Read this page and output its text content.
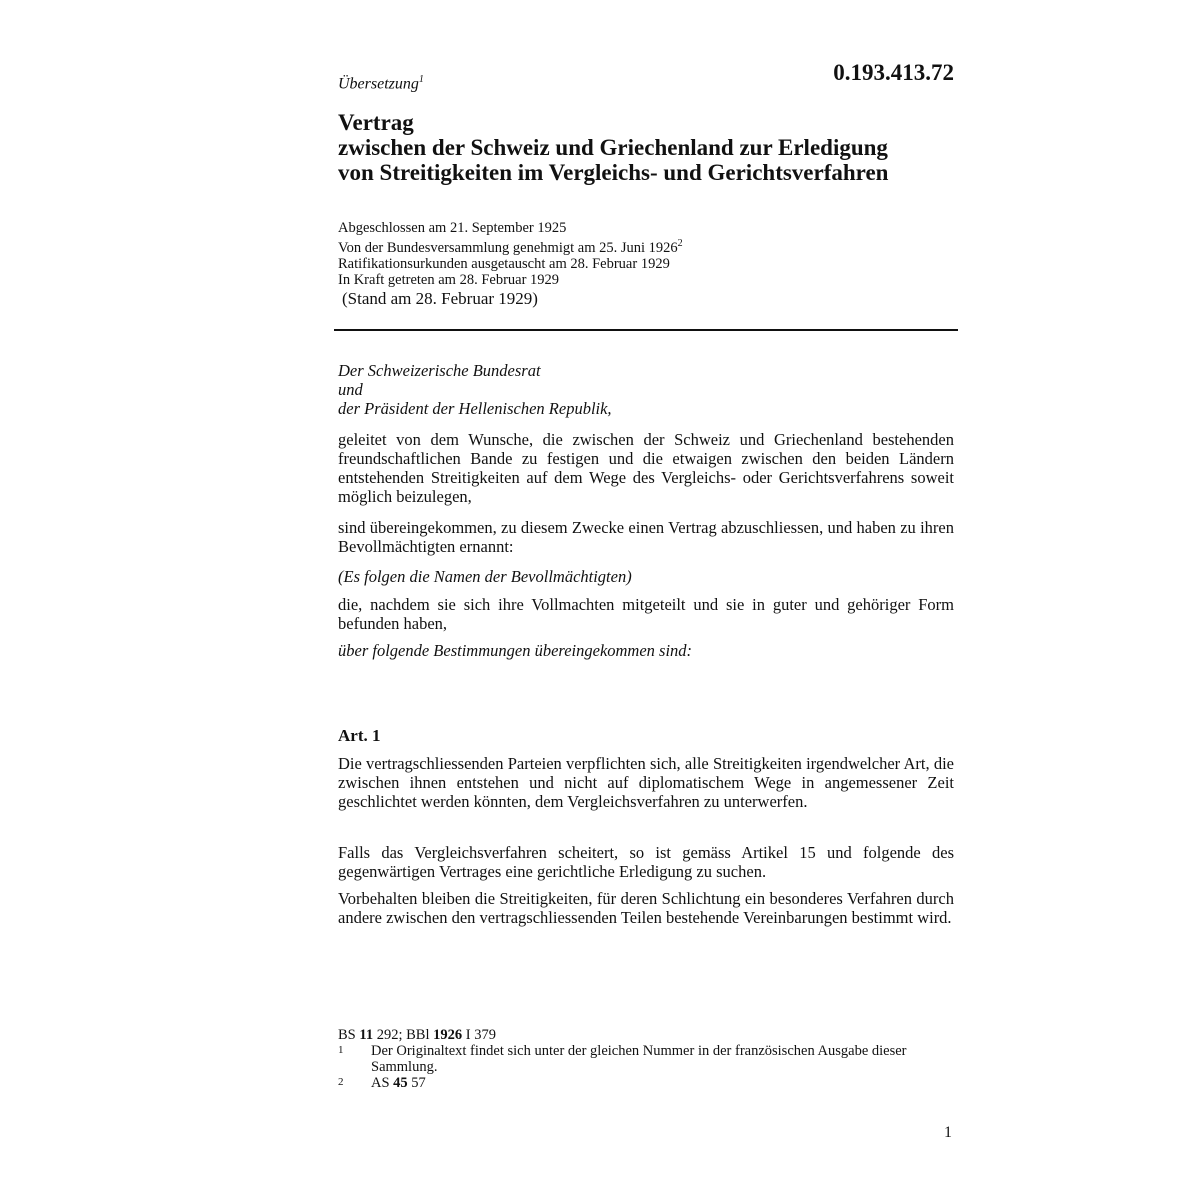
Übersetzung$^1$	0.193.413.72
Vertrag
zwischen der Schweiz und Griechenland zur Erledigung
von Streitigkeiten im Vergleichs- und Gerichtsverfahren
Abgeschlossen am 21. September 1925
Von der Bundesversammlung genehmigt am 25. Juni 1926$^2$
Ratifikationsurkunden ausgetauscht am 28. Februar 1929
In Kraft getreten am 28. Februar 1929
(Stand am 28. Februar 1929)
Der Schweizerische Bundesrat
und
der Präsident der Hellenischen Republik,
geleitet von dem Wunsche, die zwischen der Schweiz und Griechenland bestehenden freundschaftlichen Bande zu festigen und die etwaigen zwischen den beiden Ländern entstehenden Streitigkeiten auf dem Wege des Vergleichs- oder Gerichtsverfahrens soweit möglich beizulegen,
sind übereingekommen, zu diesem Zwecke einen Vertrag abzuschliessen, und haben zu ihren Bevollmächtigten ernannt:
(Es folgen die Namen der Bevollmächtigten)
die, nachdem sie sich ihre Vollmachten mitgeteilt und sie in guter und gehöriger Form befunden haben,
über folgende Bestimmungen übereingekommen sind:
Art. 1
Die vertragschliessenden Parteien verpflichten sich, alle Streitigkeiten irgendwelcher Art, die zwischen ihnen entstehen und nicht auf diplomatischem Wege in angemessener Zeit geschlichtet werden könnten, dem Vergleichsverfahren zu unterwerfen.
Falls das Vergleichsverfahren scheitert, so ist gemäss Artikel 15 und folgende des gegenwärtigen Vertrages eine gerichtliche Erledigung zu suchen.
Vorbehalten bleiben die Streitigkeiten, für deren Schlichtung ein besonderes Verfahren durch andere zwischen den vertragschliessenden Teilen bestehende Vereinbarungen bestimmt wird.
BS 11 292; BBl 1926 I 379
1	Der Originaltext findet sich unter der gleichen Nummer in der französischen Ausgabe dieser Sammlung.
2	AS 45 57
1
